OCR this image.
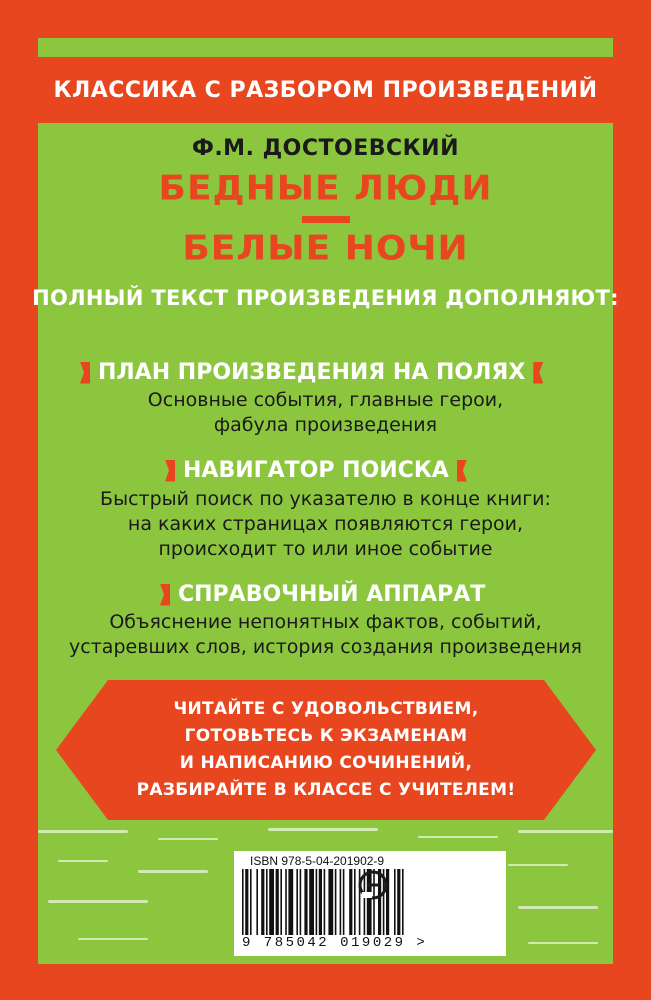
КЛАССИКА С РАЗБОРОМ ПРОИЗВЕДЕНИЙ
Ф.М. ДОСТОЕВСКИЙ
БЕДНЫЕ ЛЮДИ
БЕЛЫЕ НОЧИ
ПОЛНЫЙ ТЕКСТ ПРОИЗВЕДЕНИЯ ДОПОЛНЯЮТ:
ПЛАН ПРОИЗВЕДЕНИЯ НА ПОЛЯХ
Основные события, главные герои,
фабула произведения
НАВИГАТОР ПОИСКА
Быстрый поиск по указателю в конце книги:
на каких страницах появляются герои,
происходит то или иное событие
СПРАВОЧНЫЙ АППАРАТ
Объяснение непонятных фактов, событий,
устаревших слов, история создания произведения
ЧИТАЙТЕ С УДОВОЛЬСТВИЕМ,
ГОТОВЬТЕСЬ К ЭКЗАМЕНАМ
И НАПИСАНИЮ СОЧИНЕНИЙ,
РАЗБИРАЙТЕ В КЛАССЕ С УЧИТЕЛЕМ!
ISBN 978-5-04-201902-9
9 785042 019029 >
